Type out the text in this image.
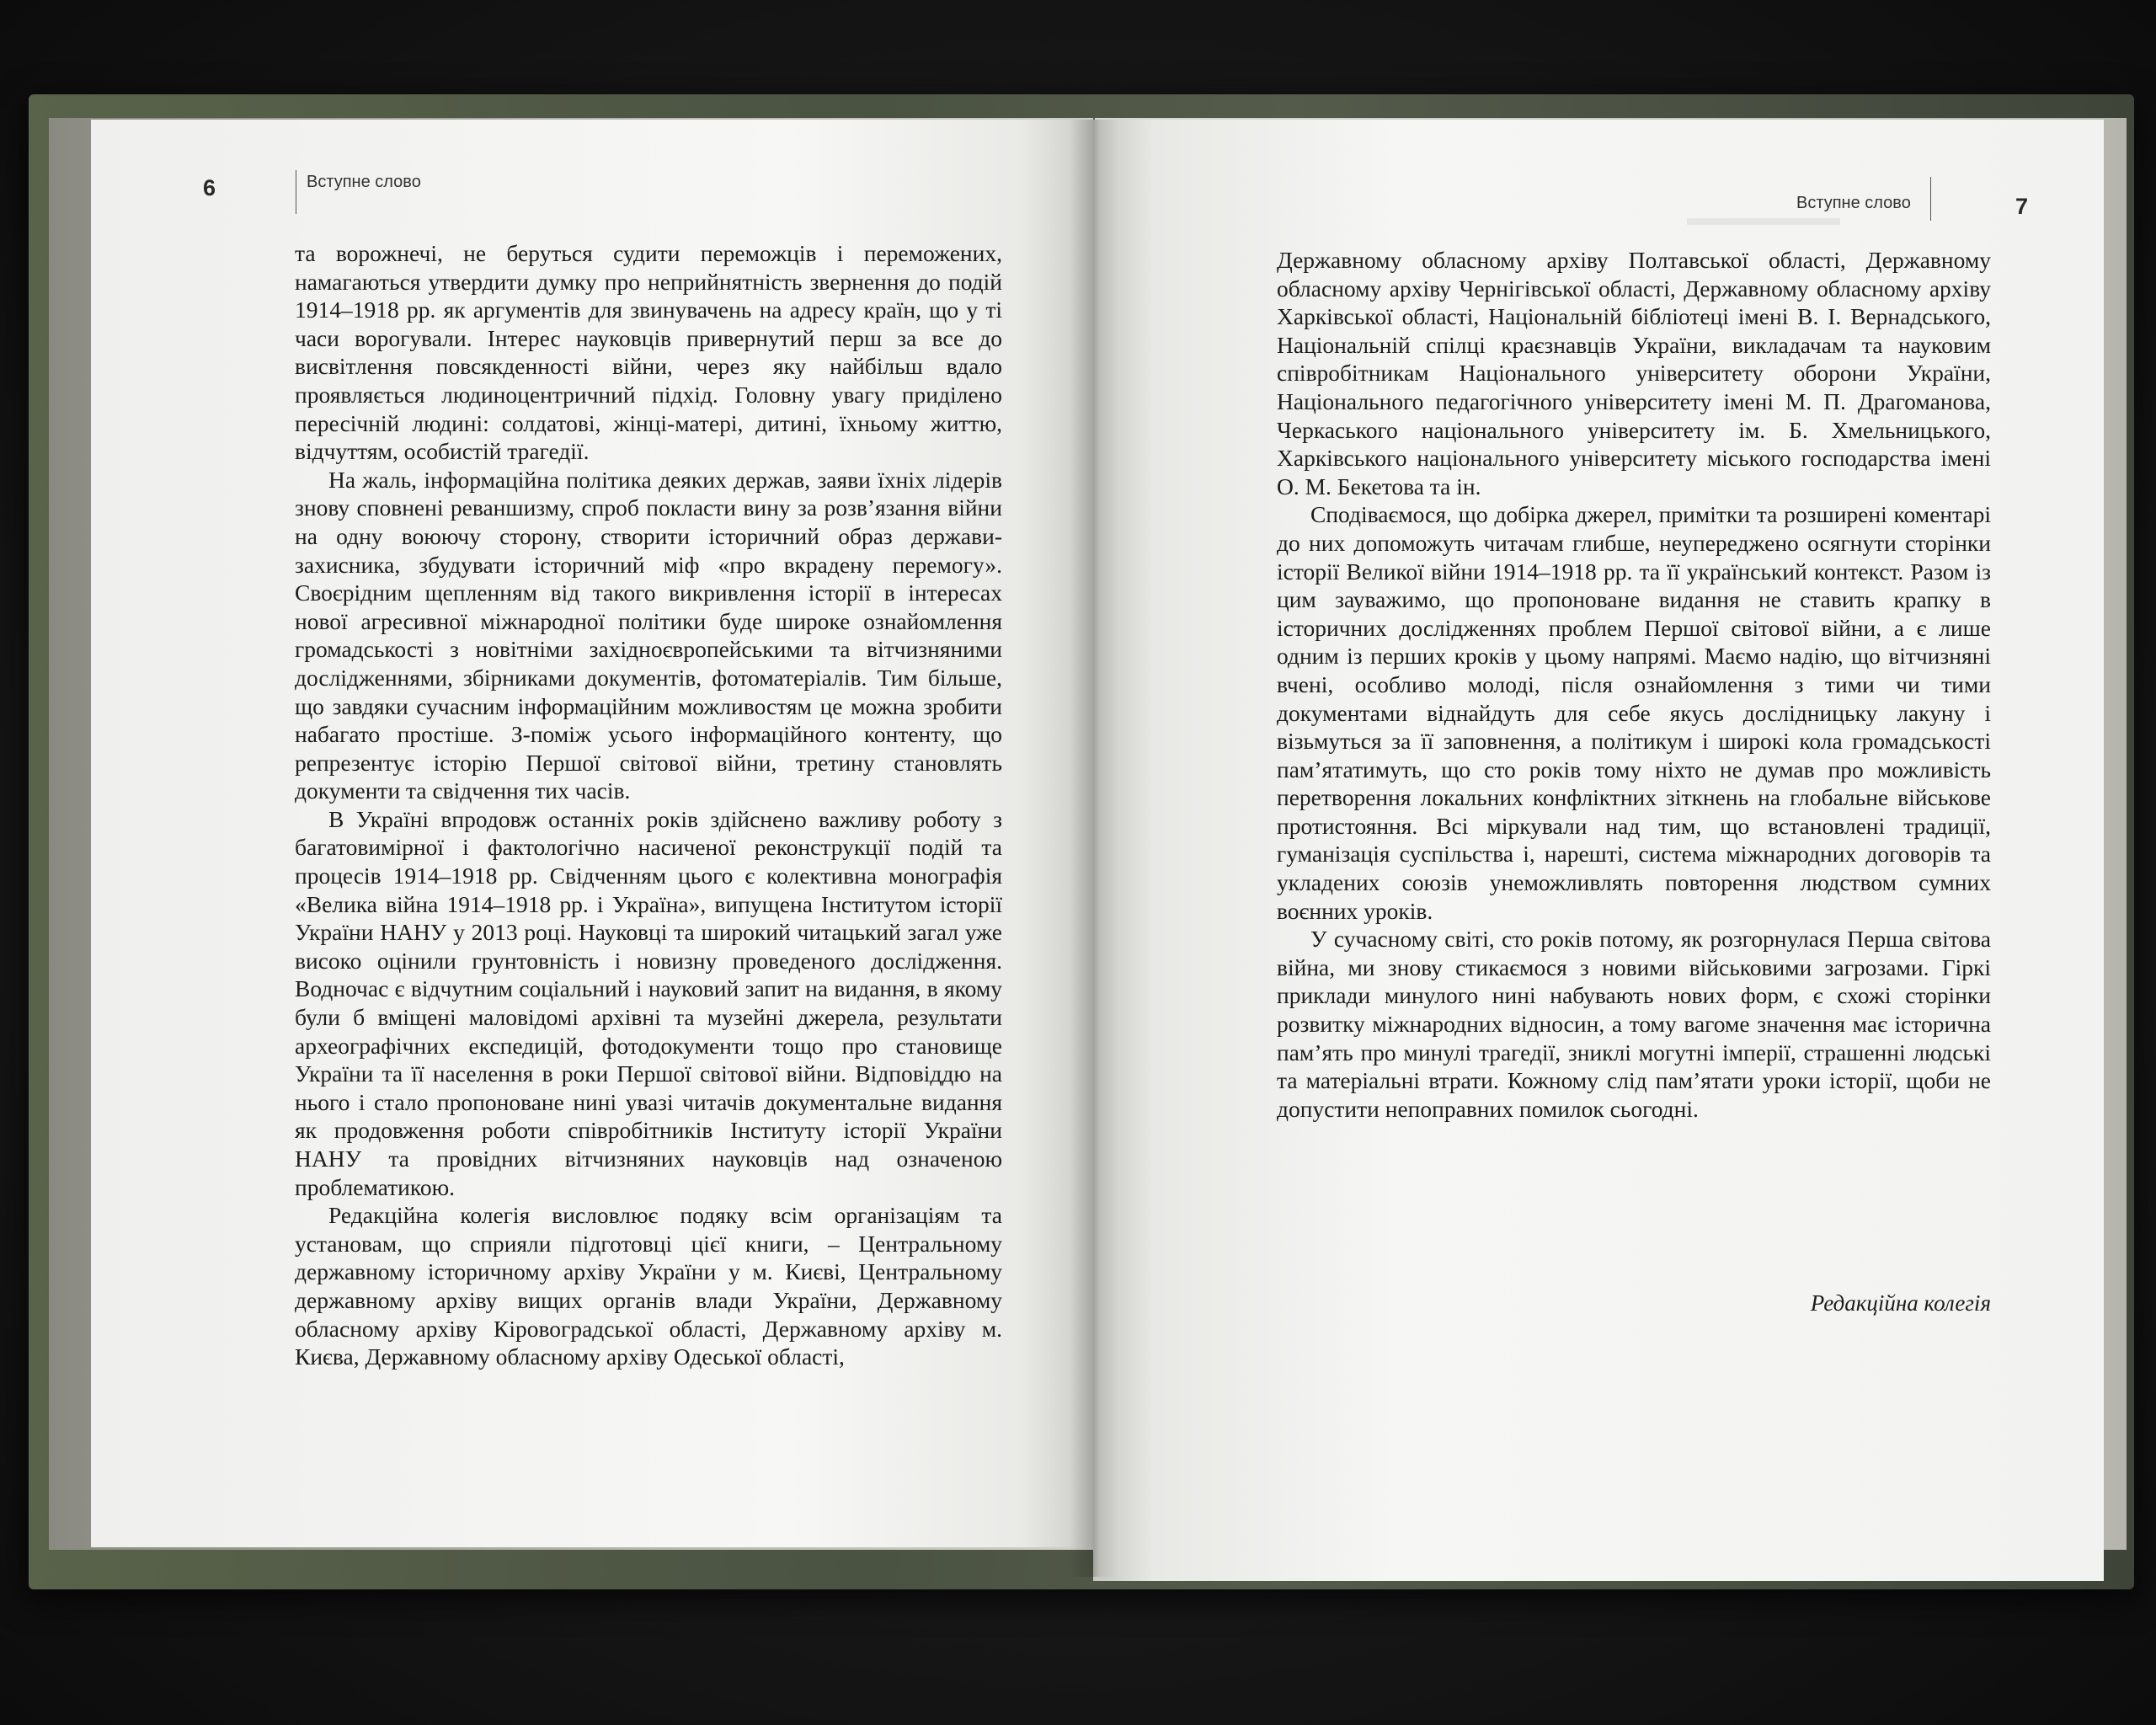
6	Вступне слово

та ворожнечі, не беруться судити переможців і переможених, намагаються утвердити думку про неприйнятність звернення до подій 1914–1918 рр. як аргументів для звинувачень на адресу країн, що у ті часи ворогували. Інтерес науковців привернутий перш за все до висвітлення повсякденності війни, через яку найбільш вдало проявляється людиноцентричний підхід. Головну увагу приділено пересічній людині: солдатові, жінці-матері, дитині, їхньому життю, відчуттям, особистій трагедії.

На жаль, інформаційна політика деяких держав, заяви їхніх лідерів знову сповнені реваншизму, спроб покласти вину за розв’язання війни на одну воюючу сторону, створити історичний образ держави-захисника, збудувати історичний міф «про вкрадену перемогу». Своєрідним щепленням від такого викривлення історії в інтересах нової агресивної міжнародної політики буде широке ознайомлення громадськості з новітніми західноєвропейськими та вітчизняними дослідженнями, збірниками документів, фотоматеріалів. Тим більше, що завдяки сучасним інформаційним можливостям це можна зробити набагато простіше. З-поміж усього інформаційного контенту, що репрезентує історію Першої світової війни, третину становлять документи та свідчення тих часів.

В Україні впродовж останніх років здійснено важливу роботу з багатовимірної і фактологічно насиченої реконструкції подій та процесів 1914–1918 рр. Свідченням цього є колективна монографія «Велика війна 1914–1918 рр. і Україна», випущена Інститутом історії України НАНУ у 2013 році. Науковці та широкий читацький загал уже високо оцінили грунтовність і новизну проведеного дослідження. Водночас є відчутним соціальний і науковий запит на видання, в якому були б вміщені маловідомі архівні та музейні джерела, результати археографічних експедицій, фотодокументи тощо про становище України та її населення в роки Першої світової війни. Відповіддю на нього і стало пропоноване нині увазі читачів документальне видання як продовження роботи співробітників Інституту історії України НАНУ та провідних вітчизняних науковців над означеною проблематикою.

Редакційна колегія висловлює подяку всім організаціям та установам, що сприяли підготовці цієї книги, – Центральному державному історичному архіву України у м. Києві, Центральному державному архіву вищих органів влади України, Державному обласному архіву Кіровоградської області, Державному архіву м. Києва, Державному обласному архіву Одеської області,

▬▬▬▬▬▬▬
Вступне слово	7

Державному обласному архіву Полтавської області, Державному обласному архіву Чернігівської області, Державному обласному архіву Харківської області, Національній бібліотеці імені В. І. Вернадського, Національній спілці краєзнавців України, викладачам та науковим співробітникам Національного університету оборони України, Національного педагогічного університету імені М. П. Драгоманова, Черкаського національного університету ім. Б. Хмельницького, Харківського національного університету міського господарства імені О. М. Бекетова та ін.

Сподіваємося, що добірка джерел, примітки та розширені коментарі до них допоможуть читачам глибше, неупереджено осягнути сторінки історії Великої війни 1914–1918 рр. та її український контекст. Разом із цим зауважимо, що пропоноване видання не ставить крапку в історичних дослідженнях проблем Першої світової війни, а є лише одним із перших кроків у цьому напрямі. Маємо надію, що вітчизняні вчені, особливо молоді, після ознайомлення з тими чи тими документами віднайдуть для себе якусь дослідницьку лакуну і візьмуться за її заповнення, а політикум і широкі кола громадськості пам’ятатимуть, що сто років тому ніхто не думав про можливість перетворення локальних конфліктних зіткнень на глобальне військове протистояння. Всі міркували над тим, що встановлені традиції, гуманізація суспільства і, нарешті, система міжнародних договорів та укладених союзів унеможливлять повторення людством сумних воєнних уроків.

У сучасному світі, сто років потому, як розгорнулася Перша світова війна, ми знову стикаємося з новими військовими загрозами. Гіркі приклади минулого нині набувають нових форм, є схожі сторінки розвитку міжнародних відносин, а тому вагоме значення має історична пам’ять про минулі трагедії, зниклі могутні імперії, страшенні людські та матеріальні втрати. Кожному слід пам’ятати уроки історії, щоби не допустити непоправних помилок сьогодні.

Редакційна колегія
